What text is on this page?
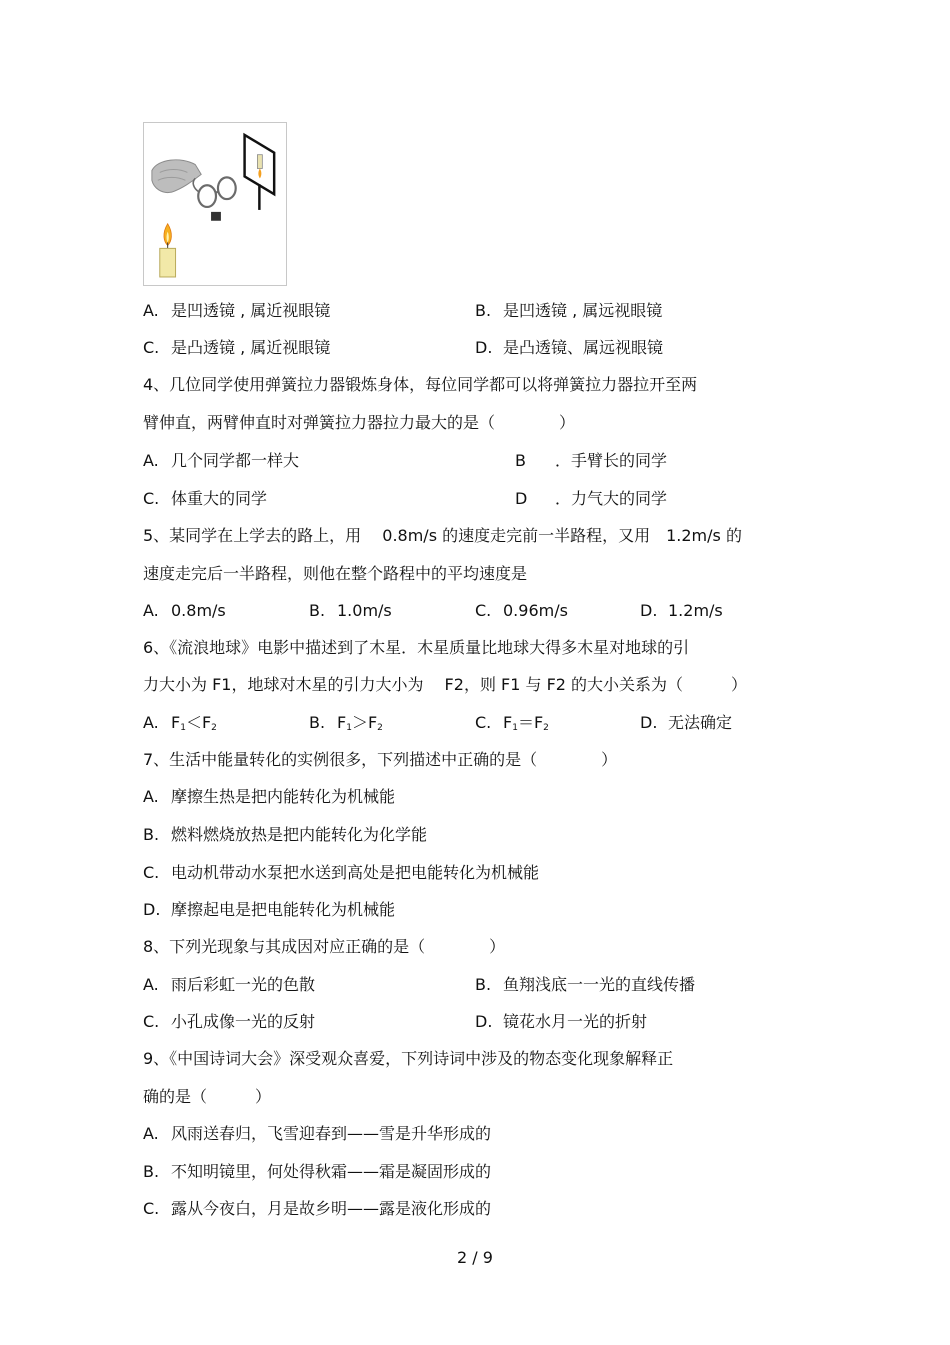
A. 是凹透镜 , 属近视眼镜	B. 是凹透镜 , 属远视眼镜
C. 是凸透镜 , 属近视眼镜	D. 是凸透镜、属远视眼镜
4、几位同学使用弹簧拉力器锻炼身体，每位同学都可以将弹簧拉力器拉开至两
臂伸直，两臂伸直时对弹簧拉力器拉力最大的是（　　　　）
A. 几个同学都一样大	B ．手臂长的同学
C. 体重大的同学	D ．力气大的同学
5、某同学在上学去的路上，用　 0.8m/s 的速度走完前一半路程，又用　1.2m/s 的
速度走完后一半路程，则他在整个路程中的平均速度是
A. 0.8m/s	B. 1.0m/s	C. 0.96m/s	D. 1.2m/s
6、《流浪地球》电影中描述到了木星．木星质量比地球大得多木星对地球的引
力大小为 F1，地球对木星的引力大小为　 F2，则 F1 与 F2 的大小关系为（　　　）
A. $F_1<F_2$	B. $F_1>F_2$	C. $F_1=F_2$	D. 无法确定
7、生活中能量转化的实例很多，下列描述中正确的是（　　　　）
A. 摩擦生热是把内能转化为机械能
B. 燃料燃烧放热是把内能转化为化学能
C. 电动机带动水泵把水送到高处是把电能转化为机械能
D. 摩擦起电是把电能转化为机械能
8、下列光现象与其成因对应正确的是（　　　　）
A. 雨后彩虹一光的色散	B. 鱼翔浅底一一光的直线传播
C. 小孔成像一光的反射	D. 镜花水月一光的折射
9、《中国诗词大会》深受观众喜爱，下列诗词中涉及的物态变化现象解释正
确的是（　　　）
A. 风雨送春归，飞雪迎春到——雪是升华形成的
B. 不知明镜里，何处得秋霜——霜是凝固形成的
C. 露从今夜白，月是故乡明——露是液化形成的
2 / 9
